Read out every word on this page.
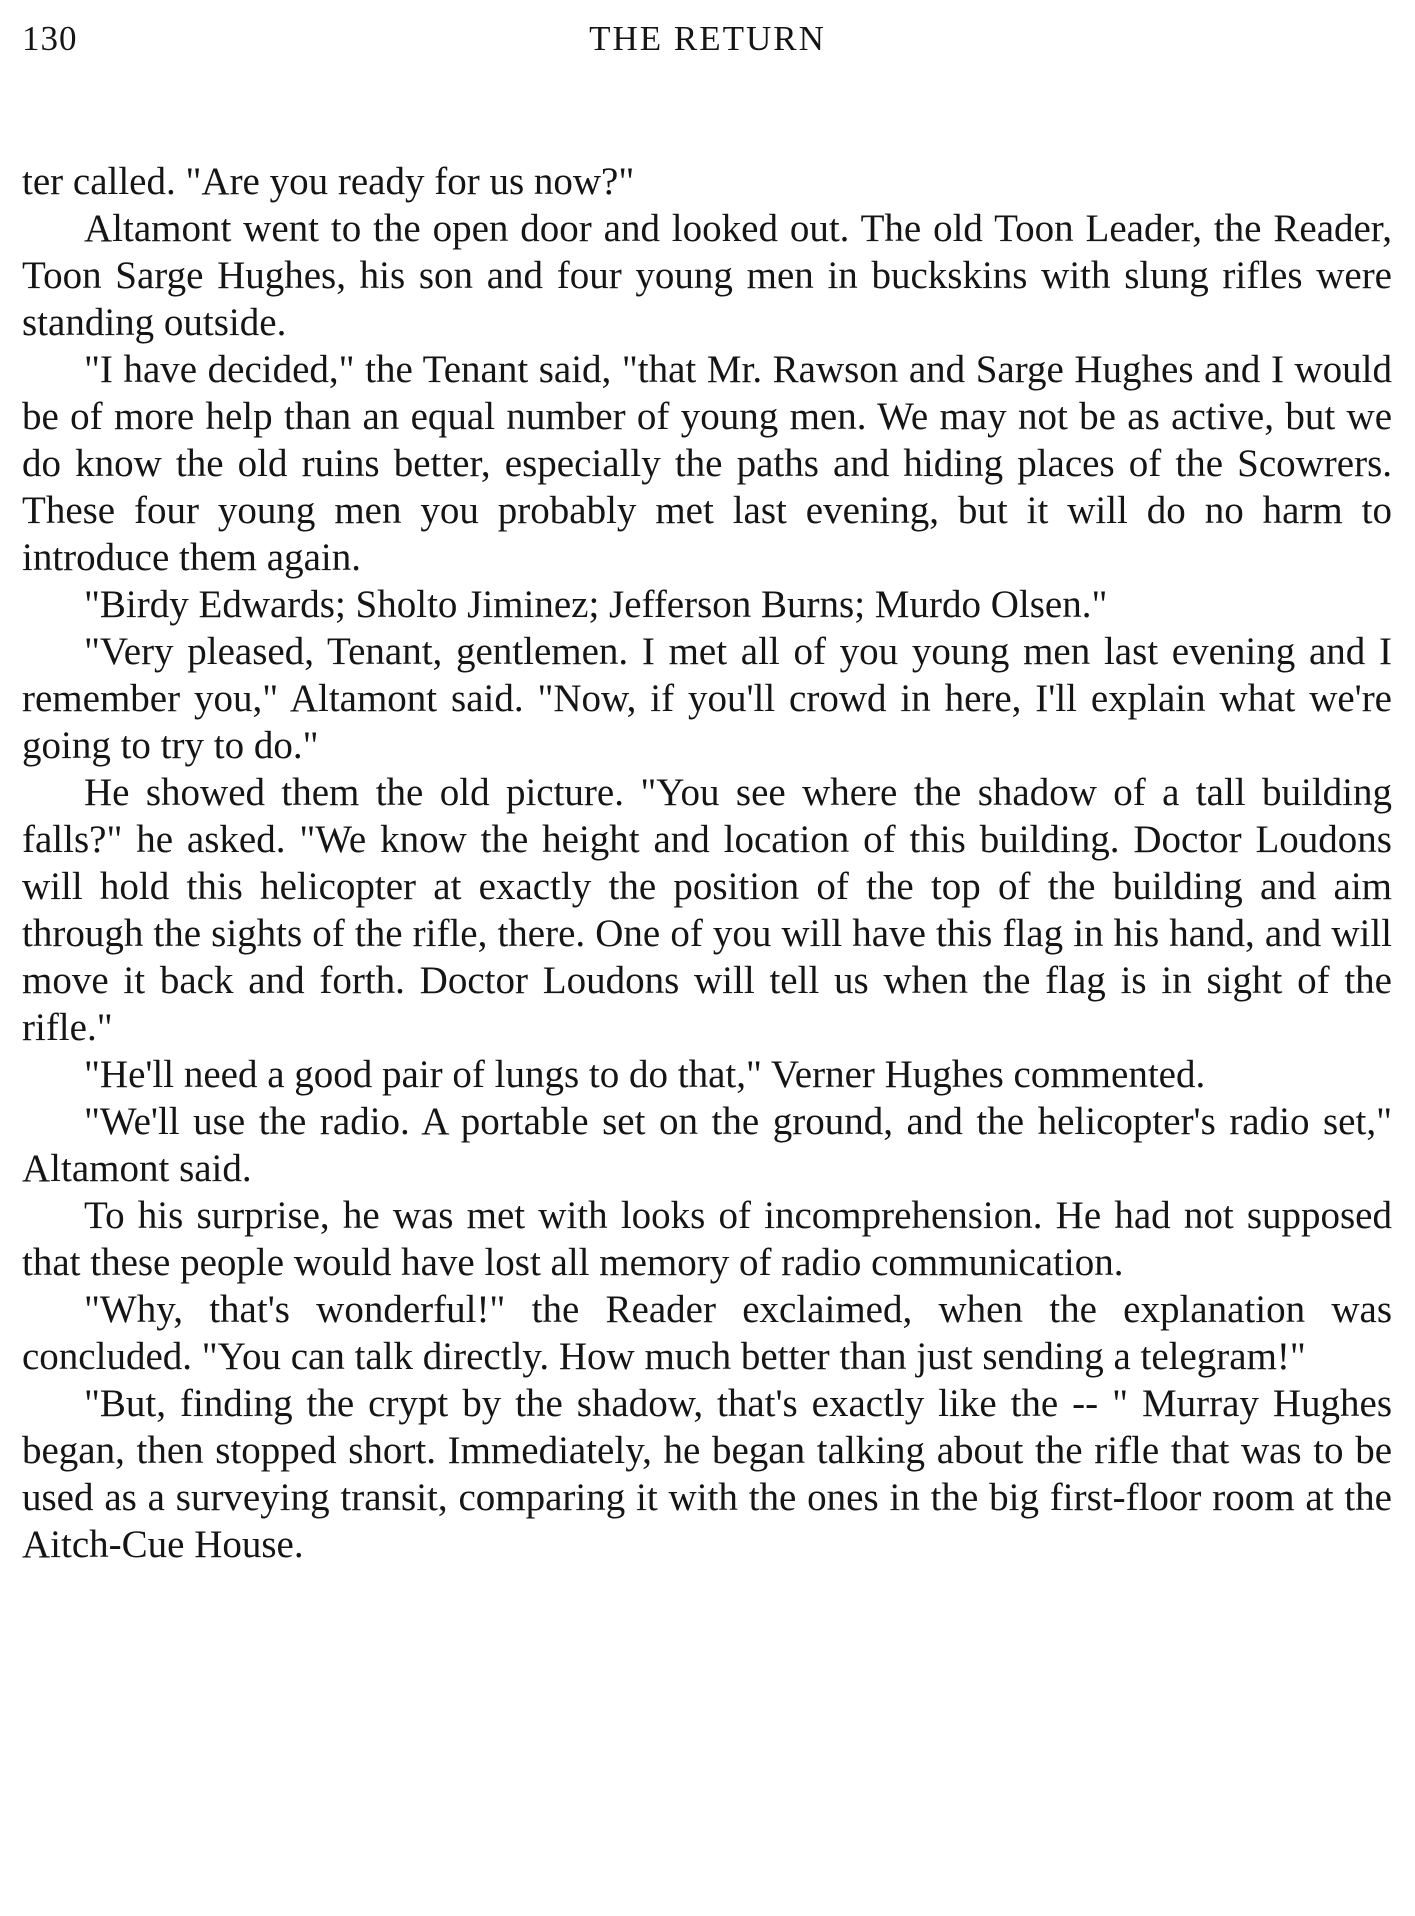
130	THE RETURN

ter called. "Are you ready for us now?"

Altamont went to the open door and looked out. The old Toon Leader, the Reader, Toon Sarge Hughes, his son and four young men in buckskins with slung rifles were standing outside.

"I have decided," the Tenant said, "that Mr. Rawson and Sarge Hughes and I would be of more help than an equal number of young men. We may not be as active, but we do know the old ruins better, especially the paths and hiding places of the Scowrers. These four young men you probably met last evening, but it will do no harm to introduce them again.

"Birdy Edwards; Sholto Jiminez; Jefferson Burns; Murdo Olsen."

"Very pleased, Tenant, gentlemen. I met all of you young men last evening and I remember you," Altamont said. "Now, if you'll crowd in here, I'll explain what we're going to try to do."

He showed them the old picture. "You see where the shadow of a tall building falls?" he asked. "We know the height and location of this building. Doctor Loudons will hold this helicopter at exactly the position of the top of the building and aim through the sights of the rifle, there. One of you will have this flag in his hand, and will move it back and forth. Doctor Loudons will tell us when the flag is in sight of the rifle."

"He'll need a good pair of lungs to do that," Verner Hughes commented.

"We'll use the radio. A portable set on the ground, and the helicopter's radio set," Altamont said.

To his surprise, he was met with looks of incomprehension. He had not supposed that these people would have lost all memory of radio communication.

"Why, that's wonderful!" the Reader exclaimed, when the explanation was concluded. "You can talk directly. How much better than just sending a telegram!"

"But, finding the crypt by the shadow, that's exactly like the -- " Murray Hughes began, then stopped short. Immediately, he began talking about the rifle that was to be used as a surveying transit, comparing it with the ones in the big first-floor room at the Aitch-Cue House.
